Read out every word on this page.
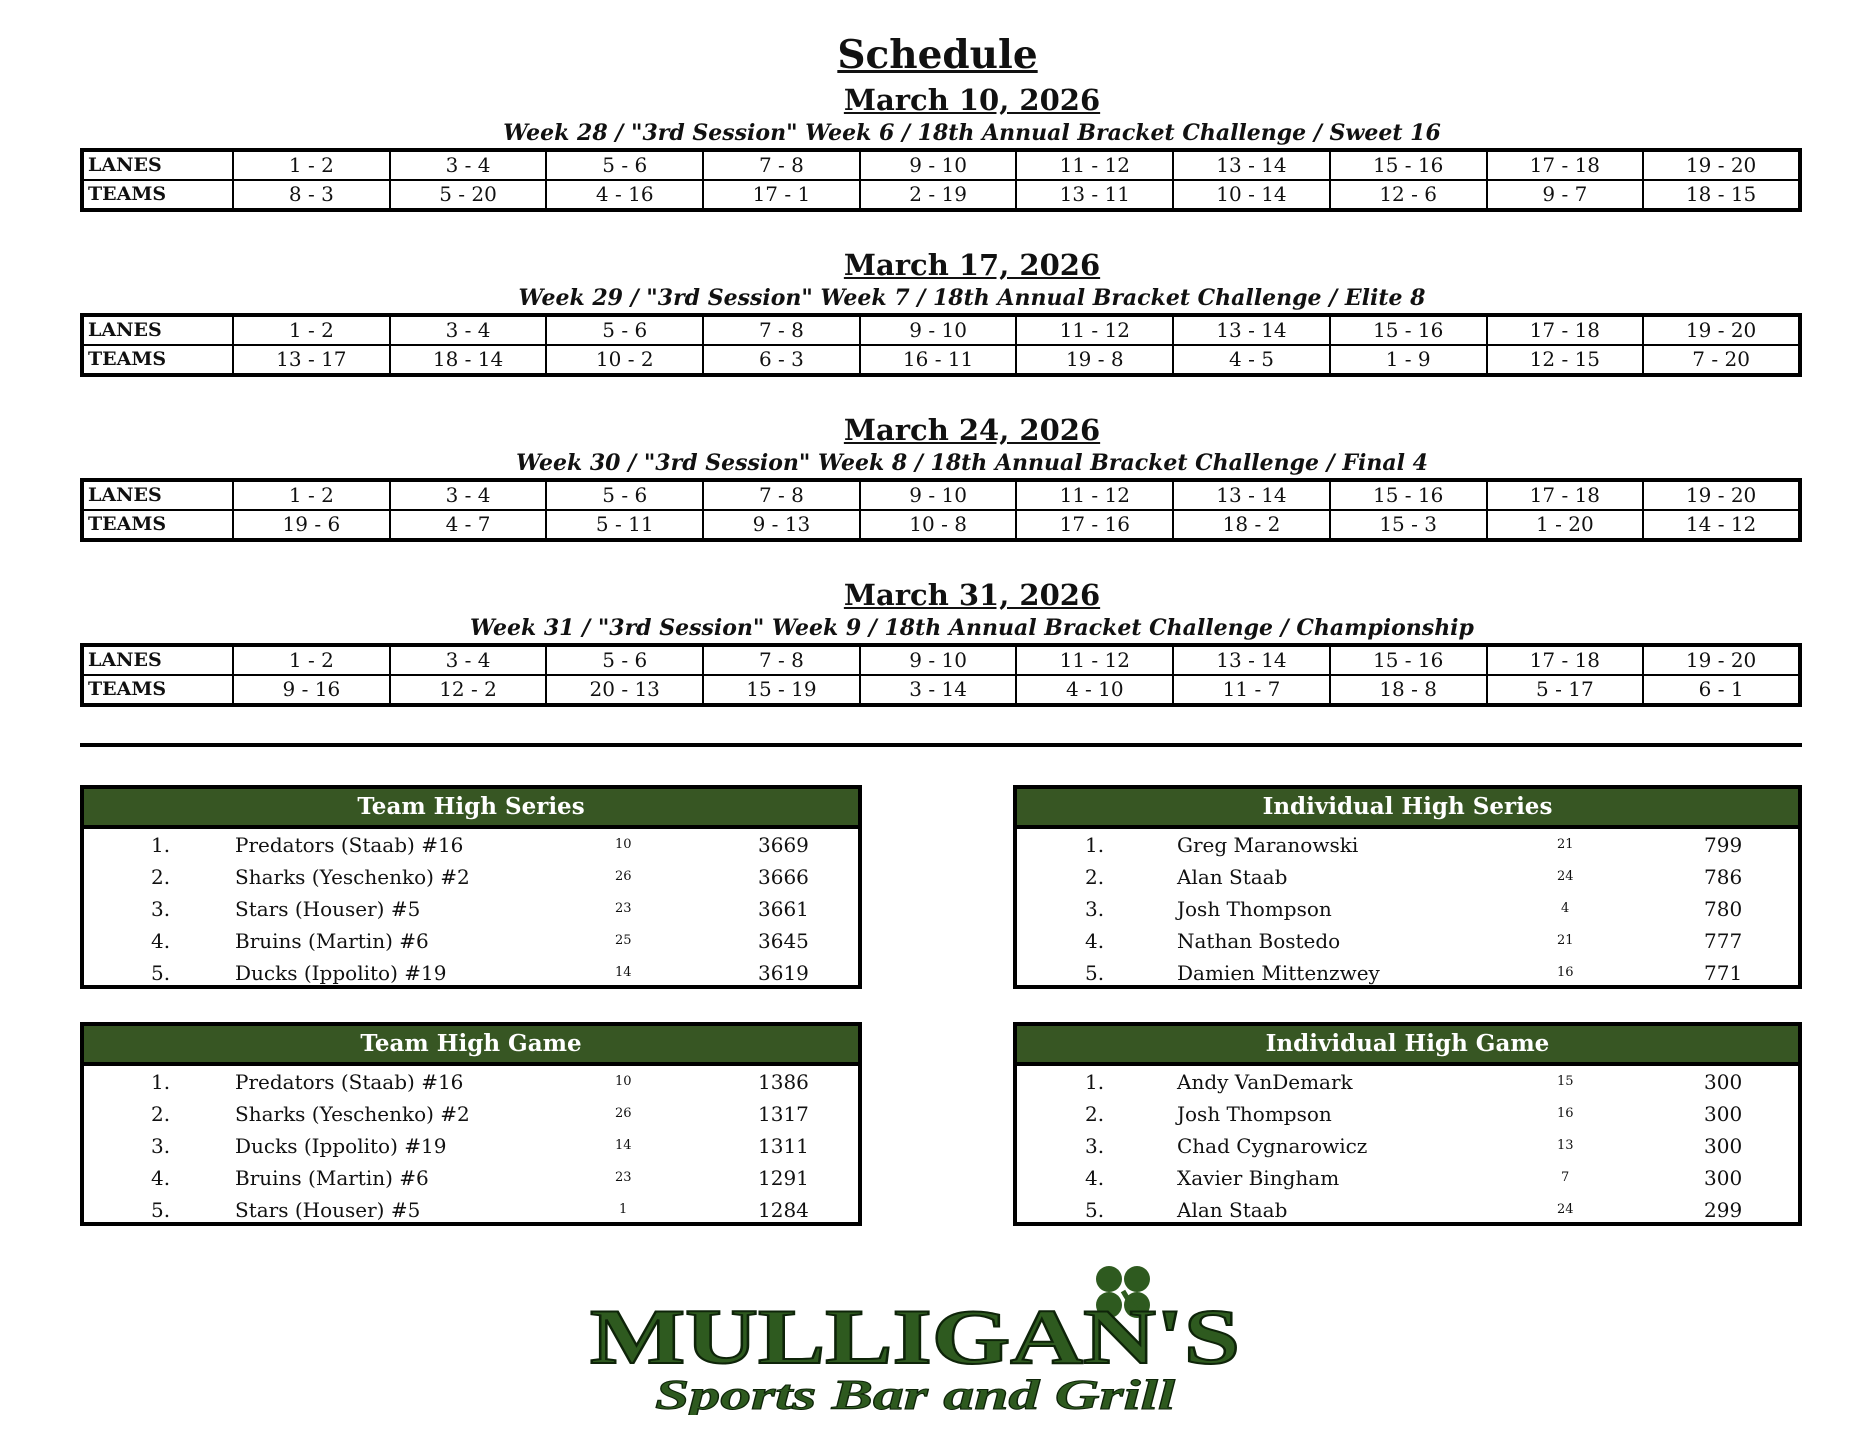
Schedule
March 10, 2026
Week 28 / "3rd Session" Week 6 / 18th Annual Bracket Challenge / Sweet 16
LANES	1 - 2	3 - 4	5 - 6	7 - 8	9 - 10	11 - 12	13 - 14	15 - 16	17 - 18	19 - 20
TEAMS	8 - 3	5 - 20	4 - 16	17 - 1	2 - 19	13 - 11	10 - 14	12 - 6	9 - 7	18 - 15
March 17, 2026
Week 29 / "3rd Session" Week 7 / 18th Annual Bracket Challenge / Elite 8
LANES	1 - 2	3 - 4	5 - 6	7 - 8	9 - 10	11 - 12	13 - 14	15 - 16	17 - 18	19 - 20
TEAMS	13 - 17	18 - 14	10 - 2	6 - 3	16 - 11	19 - 8	4 - 5	1 - 9	12 - 15	7 - 20
March 24, 2026
Week 30 / "3rd Session" Week 8 / 18th Annual Bracket Challenge / Final 4
LANES	1 - 2	3 - 4	5 - 6	7 - 8	9 - 10	11 - 12	13 - 14	15 - 16	17 - 18	19 - 20
TEAMS	19 - 6	4 - 7	5 - 11	9 - 13	10 - 8	17 - 16	18 - 2	15 - 3	1 - 20	14 - 12
March 31, 2026
Week 31 / "3rd Session" Week 9 / 18th Annual Bracket Challenge / Championship
LANES	1 - 2	3 - 4	5 - 6	7 - 8	9 - 10	11 - 12	13 - 14	15 - 16	17 - 18	19 - 20
TEAMS	9 - 16	12 - 2	20 - 13	15 - 19	3 - 14	4 - 10	11 - 7	18 - 8	5 - 17	6 - 1
Team High Series
1.	Predators (Staab) #16	10	3669
2.	Sharks (Yeschenko) #2	26	3666
3.	Stars (Houser) #5	23	3661
4.	Bruins (Martin) #6	25	3645
5.	Ducks (Ippolito) #19	14	3619
Individual High Series
1.	Greg Maranowski	21	799
2.	Alan Staab	24	786
3.	Josh Thompson	4	780
4.	Nathan Bostedo	21	777
5.	Damien Mittenzwey	16	771
Team High Game
1.	Predators (Staab) #16	10	1386
2.	Sharks (Yeschenko) #2	26	1317
3.	Ducks (Ippolito) #19	14	1311
4.	Bruins (Martin) #6	23	1291
5.	Stars (Houser) #5	1	1284
Individual High Game
1.	Andy VanDemark	15	300
2.	Josh Thompson	16	300
3.	Chad Cygnarowicz	13	300
4.	Xavier Bingham	7	300
5.	Alan Staab	24	299
MULLIGAN'S
Sports Bar and Grill
